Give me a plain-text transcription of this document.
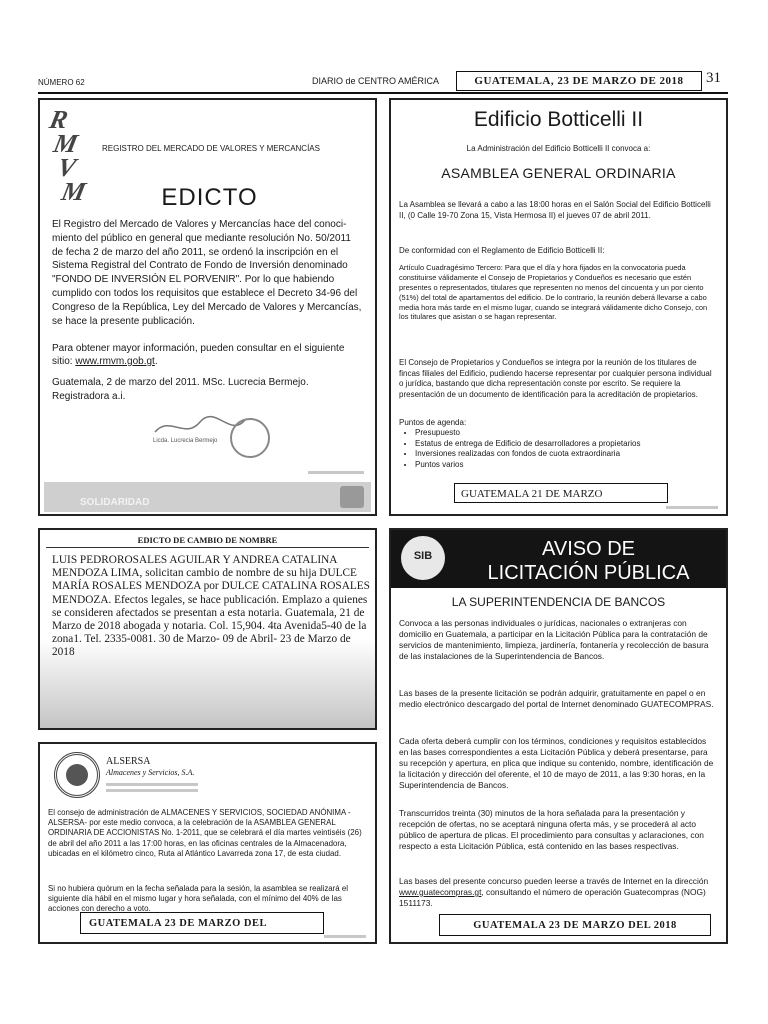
NÚMERO 62	DIARIO de CENTRO AMÉRICA	GUATEMALA, 23 DE MARZO DE 2018	31
R
M
V
M
REGISTRO DEL MERCADO DE VALORES Y MERCANCÍAS
EDICTO

El Registro del Mercado de Valores y Mercancías hace del conocimiento del público en general que mediante resolución No. 50/2011 de fecha 2 de marzo del año 2011, se ordenó la inscripción en el Sistema Registral del Contrato de Fondo de Inversión denominado "FONDO DE INVERSIÓN EL PORVENIR". Por lo que habiendo cumplido con todos los requisitos que establece el Decreto 34-96 del Congreso de la República, Ley del Mercado de Valores y Mercancías, se hace la presente publicación.

Para obtener mayor información, pueden consultar en el siguiente sitio: www.rmvm.gob.gt.

Guatemala, 2 de marzo del 2011. MSc. Lucrecia Bermejo. Registradora a.i.

Licda. Lucrecia Bermejo
SOLIDARIDAD
Edificio Botticelli II
La Administración del Edificio Botticelli II convoca a:
ASAMBLEA GENERAL ORDINARIA

La Asamblea se llevará a cabo a las 18:00 horas en el Salón Social del Edificio Botticelli II, (0 Calle 19-70 Zona 15, Vista Hermosa II) el jueves 07 de abril 2011.

De conformidad con el Reglamento de Edificio Botticelli II:

Artículo Cuadragésimo Tercero: Para que el día y hora fijados en la convocatoria pueda constituirse válidamente el Consejo de Propietarios y Condueños es necesario que estén presentes o representados, titulares que representen no menos del cincuenta y un por ciento (51%) del total de apartamentos del edificio. De lo contrario, la reunión deberá llevarse a cabo media hora más tarde en el mismo lugar, cuando se integrará válidamente dicho Consejo, con los titulares que asistan o se hagan representar.

El Consejo de Propietarios y Condueños se integra por la reunión de los titulares de fincas filiales del Edificio, pudiendo hacerse representar por cualquier persona individual o jurídica, bastando que dicha representación conste por escrito. Se requiere la presentación de un documento de identificación para la acreditación de propietarios.

Puntos de agenda:
• Presupuesto
• Estatus de entrega de Edificio de desarrolladores a propietarios
• Inversiones realizadas con fondos de cuota extraordinaria
• Puntos varios
GUATEMALA 21 DE MARZO
EDICTO DE CAMBIO DE NOMBRE

LUIS PEDROROSALES AGUILAR Y ANDREA CATALINA MENDOZA LIMA, solicitan cambio de nombre de su hija DULCE MARÍA ROSALES MENDOZA por DULCE CATALINA ROSALES MENDOZA. Efectos legales, se hace publicación. Emplazo a quienes se consideren afectados se presentan a esta notaria. Guatemala, 21 de Marzo de 2018 abogada y notaria. Col. 15,904. 4ta Avenida5-40 de la zona1. Tel. 2335-0081. 30 de Marzo- 09 de Abril- 23 de Marzo de 2018

ALSERSA
Almacenes y Servicios, S.A.

El consejo de administración de ALMACENES Y SERVICIOS, SOCIEDAD ANÓNIMA -ALSERSA- por este medio convoca, a la celebración de la ASAMBLEA GENERAL ORDINARIA DE ACCIONISTAS No. 1-2011, que se celebrará el día martes veintiséis (26) de abril del año 2011 a las 17:00 horas, en las oficinas centrales de la Almacenadora, ubicadas en el kilómetro cinco, Ruta al Atlántico Lavarreda zona 17, de esta ciudad.

Si no hubiera quórum en la fecha señalada para la sesión, la asamblea se realizará el siguiente día hábil en el mismo lugar y hora señalada, con el mínimo del 40% de las acciones con derecho a voto.

GUATEMALA 23 DE MARZO DEL
SIB	AVISO DE
LICITACIÓN PÚBLICA
LA SUPERINTENDENCIA DE BANCOS

Convoca a las personas individuales o jurídicas, nacionales o extranjeras con domicilio en Guatemala, a participar en la Licitación Pública para la contratación de servicios de mantenimiento, limpieza, jardinería, fontanería y recolección de basura de las instalaciones de la Superintendencia de Bancos.

Las bases de la presente licitación se podrán adquirir, gratuitamente en papel o en medio electrónico descargado del portal de Internet denominado GUATECOMPRAS.

Cada oferta deberá cumplir con los términos, condiciones y requisitos establecidos en las bases correspondientes a esta Licitación Pública y deberá presentarse, para su recepción y apertura, en plica que indique su contenido, nombre, identificación de la licitación y dirección del oferente, el 10 de mayo de 2011, a las 9:30 horas, en la Superintendencia de Bancos.

Transcurridos treinta (30) minutos de la hora señalada para la presentación y recepción de ofertas, no se aceptará ninguna oferta más, y se procederá al acto público de apertura de plicas. El procedimiento para consultas y aclaraciones, con respecto a esta Licitación Pública, está contenido en las bases respectivas.

Las bases del presente concurso pueden leerse a través de Internet en la dirección www.guatecompras.gt, consultando el número de operación Guatecompras (NOG) 1511173.

GUATEMALA 23 DE MARZO DEL 2018
